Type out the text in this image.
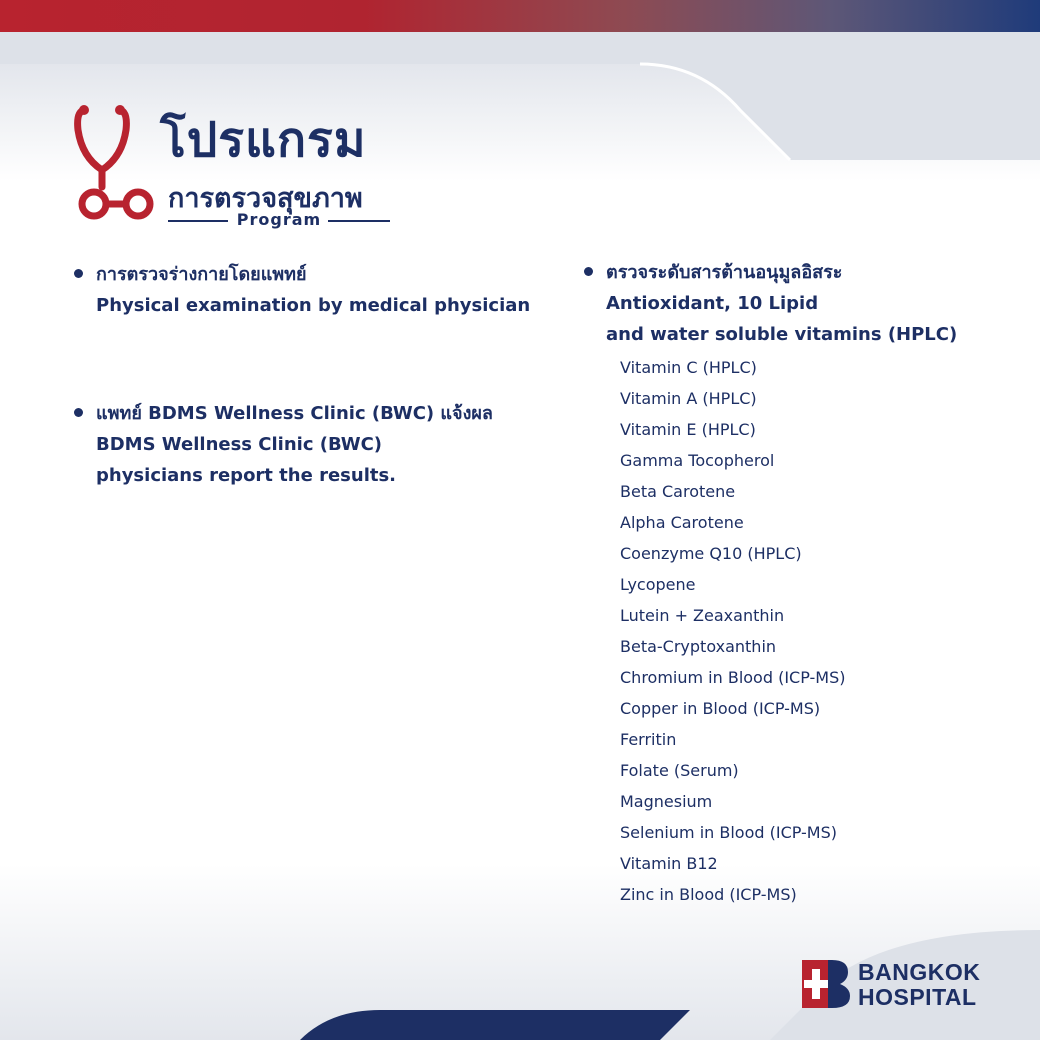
โปรแกรม
การตรวจสุขภาพ
Program
การตรวจร่างกายโดยแพทย์
Physical examination by medical physician
แพทย์ BDMS Wellness Clinic (BWC) แจ้งผล
BDMS Wellness Clinic (BWC)
physicians report the results.
ตรวจระดับสารต้านอนุมูลอิสระ
Antioxidant, 10 Lipid
and water soluble vitamins (HPLC)
Vitamin C (HPLC)
Vitamin A (HPLC)
Vitamin E (HPLC)
Gamma Tocopherol
Beta Carotene
Alpha Carotene
Coenzyme Q10 (HPLC)
Lycopene
Lutein + Zeaxanthin
Beta-Cryptoxanthin
Chromium in Blood (ICP-MS)
Copper in Blood (ICP-MS)
Ferritin
Folate (Serum)
Magnesium
Selenium in Blood (ICP-MS)
Vitamin B12
Zinc in Blood (ICP-MS)
BANGKOK
HOSPITAL
